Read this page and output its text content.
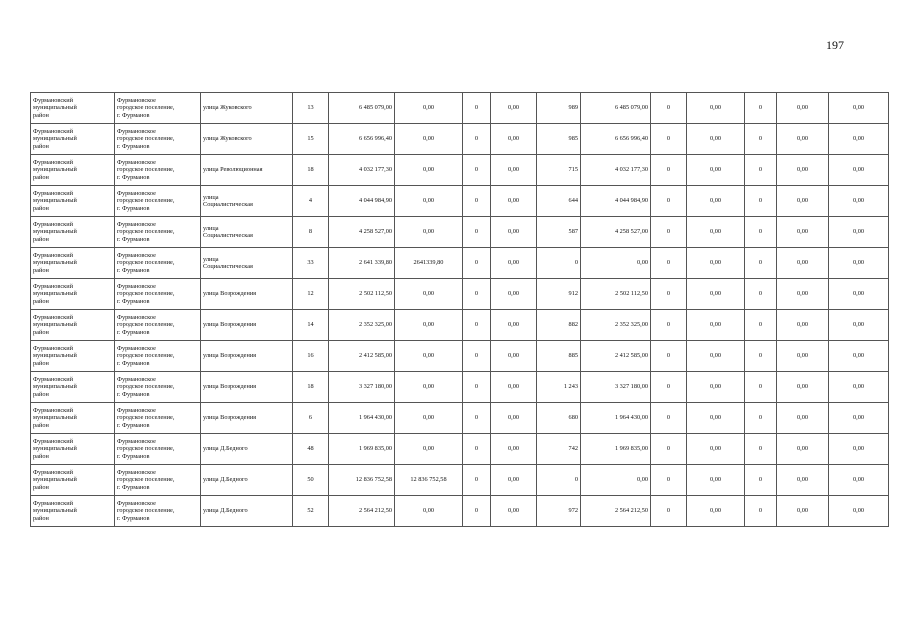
197
Фурмановский
муниципальный
район	Фурмановское
городское поселение,
г. Фурманов	улица Жуковского	13	6 485 079,00	0,00	0	0,00	989	6 485 079,00	0	0,00	0	0,00	0,00

Фурмановский
муниципальный
район	Фурмановское
городское поселение,
г. Фурманов	улица Жуковского	15	6 656 996,40	0,00	0	0,00	985	6 656 996,40	0	0,00	0	0,00	0,00

Фурмановский
муниципальный
район	Фурмановское
городское поселение,
г. Фурманов	улица Революционная	18	4 032 177,30	0,00	0	0,00	715	4 032 177,30	0	0,00	0	0,00	0,00

Фурмановский
муниципальный
район	Фурмановское
городское поселение,
г. Фурманов	улица
Социалистическая	4	4 044 984,90	0,00	0	0,00	644	4 044 984,90	0	0,00	0	0,00	0,00

Фурмановский
муниципальный
район	Фурмановское
городское поселение,
г. Фурманов	улица
Социалистическая	8	4 258 527,00	0,00	0	0,00	587	4 258 527,00	0	0,00	0	0,00	0,00

Фурмановский
муниципальный
район	Фурмановское
городское поселение,
г. Фурманов	улица
Социалистическая	33	2 641 339,80	2641339,80	0	0,00	0	0,00	0	0,00	0	0,00	0,00

Фурмановский
муниципальный
район	Фурмановское
городское поселение,
г. Фурманов	улица Возрождения	12	2 502 112,50	0,00	0	0,00	912	2 502 112,50	0	0,00	0	0,00	0,00

Фурмановский
муниципальный
район	Фурмановское
городское поселение,
г. Фурманов	улица Возрождения	14	2 352 325,00	0,00	0	0,00	882	2 352 325,00	0	0,00	0	0,00	0,00

Фурмановский
муниципальный
район	Фурмановское
городское поселение,
г. Фурманов	улица Возрождения	16	2 412 585,00	0,00	0	0,00	885	2 412 585,00	0	0,00	0	0,00	0,00

Фурмановский
муниципальный
район	Фурмановское
городское поселение,
г. Фурманов	улица Возрождения	18	3 327 180,00	0,00	0	0,00	1 243	3 327 180,00	0	0,00	0	0,00	0,00

Фурмановский
муниципальный
район	Фурмановское
городское поселение,
г. Фурманов	улица Возрождения	6	1 964 430,00	0,00	0	0,00	680	1 964 430,00	0	0,00	0	0,00	0,00

Фурмановский
муниципальный
район	Фурмановское
городское поселение,
г. Фурманов	улица Д.Бедного	48	1 969 835,00	0,00	0	0,00	742	1 969 835,00	0	0,00	0	0,00	0,00

Фурмановский
муниципальный
район	Фурмановское
городское поселение,
г. Фурманов	улица Д.Бедного	50	12 836 752,58	12 836 752,58	0	0,00	0	0,00	0	0,00	0	0,00	0,00

Фурмановский
муниципальный
район	Фурмановское
городское поселение,
г. Фурманов	улица Д.Бедного	52	2 564 212,50	0,00	0	0,00	972	2 564 212,50	0	0,00	0	0,00	0,00
